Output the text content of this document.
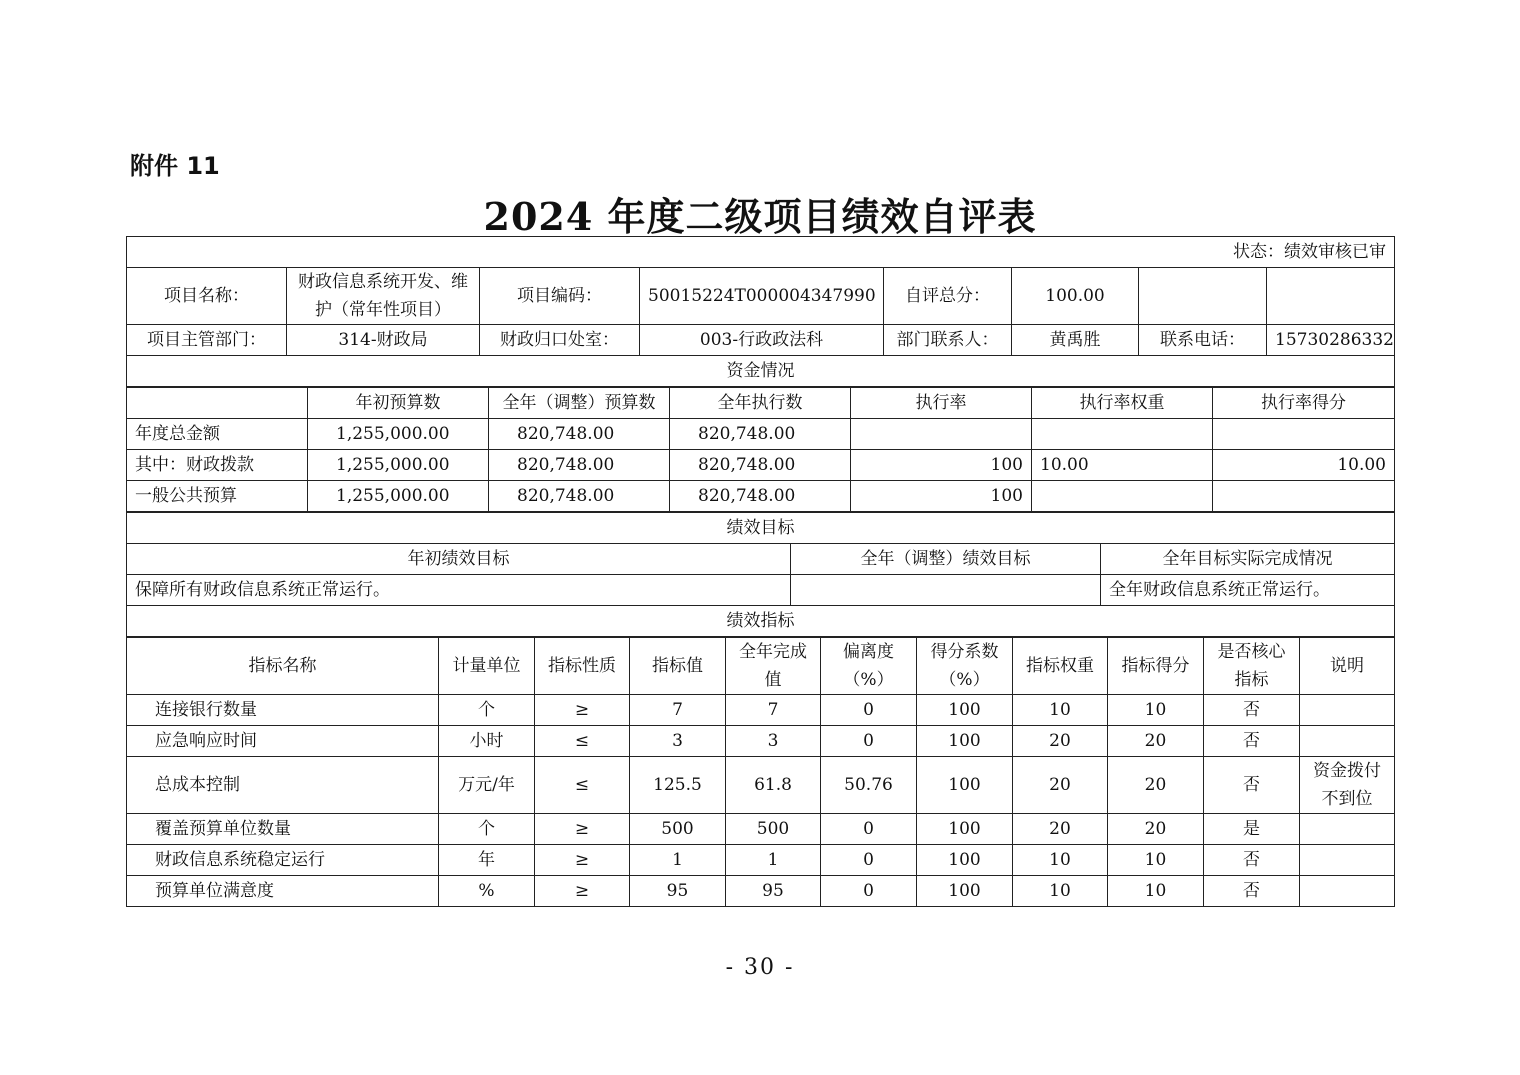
附件 11
2024 年度二级项目绩效自评表
状态：绩效审核已审							
项目名称：	财政信息系统开发、维护（常年性项目）	项目编码：	50015224T000004347990	自评总分：	100.00		
项目主管部门：	314-财政局	财政归口处室：	003-行政政法科	部门联系人：	黄禹胜	联系电话：	15730286332
资金情况							
	年初预算数	全年（调整）预算数	全年执行数	执行率	执行率权重	执行率得分
年度总金额	1,255,000.00	820,748.00	820,748.00			
其中：财政拨款	1,255,000.00	820,748.00	820,748.00	100	10.00	10.00
一般公共预算	1,255,000.00	820,748.00	820,748.00	100		
绩效目标		
年初绩效目标	全年（调整）绩效目标	全年目标实际完成情况
保障所有财政信息系统正常运行。		全年财政信息系统正常运行。
绩效指标		
指标名称	计量单位	指标性质	指标值	全年完成值	偏离度（%）	得分系数（%）	指标权重	指标得分	是否核心指标	说明
连接银行数量	个	≥	7	7	0	100	10	10	否	
应急响应时间	小时	≤	3	3	0	100	20	20	否	
总成本控制	万元/年	≤	125.5	61.8	50.76	100	20	20	否	资金拨付不到位
覆盖预算单位数量	个	≥	500	500	0	100	20	20	是	
财政信息系统稳定运行	年	≥	1	1	0	100	10	10	否	
预算单位满意度	%	≥	95	95	0	100	10	10	否	
- 30 -
